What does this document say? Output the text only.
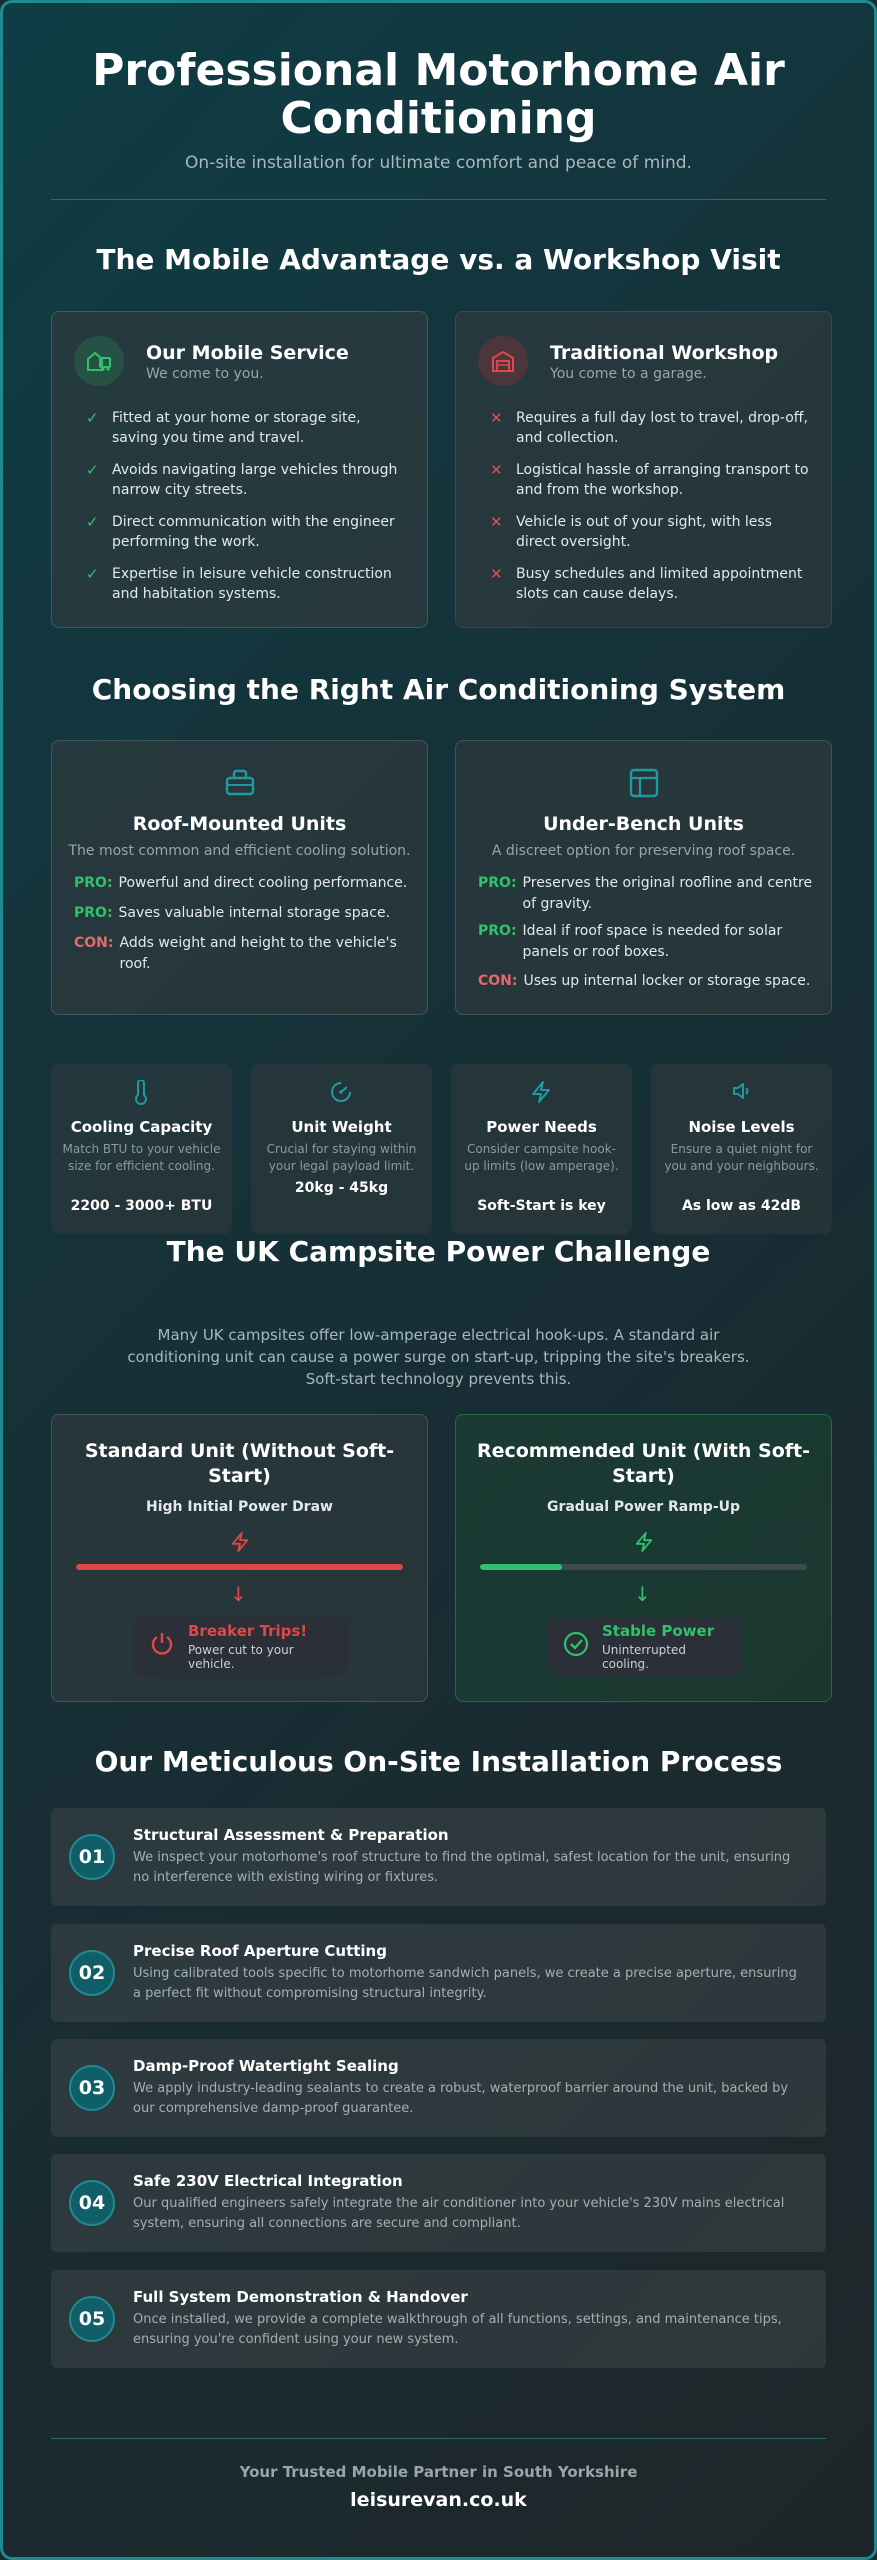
Professional Motorhome Air Conditioning
On-site installation for ultimate comfort and peace of mind.
The Mobile Advantage vs. a Workshop Visit
Our Mobile Service
We come to you.
✓ Fitted at your home or storage site, saving you time and travel.
✓ Avoids navigating large vehicles through narrow city streets.
✓ Direct communication with the engineer performing the work.
✓ Expertise in leisure vehicle construction and habitation systems.
Traditional Workshop
You come to a garage.
✕ Requires a full day lost to travel, drop-off, and collection.
✕ Logistical hassle of arranging transport to and from the workshop.
✕ Vehicle is out of your sight, with less direct oversight.
✕ Busy schedules and limited appointment slots can cause delays.
Choosing the Right Air Conditioning System
Roof-Mounted Units
The most common and efficient cooling solution.
PRO: Powerful and direct cooling performance.
PRO: Saves valuable internal storage space.
CON: Adds weight and height to the vehicle's roof.
Under-Bench Units
A discreet option for preserving roof space.
PRO: Preserves the original roofline and centre of gravity.
PRO: Ideal if roof space is needed for solar panels or roof boxes.
CON: Uses up internal locker or storage space.
Cooling Capacity
Match BTU to your vehicle size for efficient cooling.
2200 - 3000+ BTU
Unit Weight
Crucial for staying within your legal payload limit.
20kg - 45kg
Power Needs
Consider campsite hook-up limits (low amperage).
Soft-Start is key
Noise Levels
Ensure a quiet night for you and your neighbours.
As low as 42dB
The UK Campsite Power Challenge
Many UK campsites offer low-amperage electrical hook-ups. A standard air conditioning unit can cause a power surge on start-up, tripping the site's breakers. Soft-start technology prevents this.
Standard Unit (Without Soft-Start)
High Initial Power Draw
↓
Breaker Trips!
Power cut to your vehicle.
Recommended Unit (With Soft-Start)
Gradual Power Ramp-Up
↓
Stable Power
Uninterrupted cooling.
Our Meticulous On-Site Installation Process
01
Structural Assessment & Preparation
We inspect your motorhome's roof structure to find the optimal, safest location for the unit, ensuring no interference with existing wiring or fixtures.
02
Precise Roof Aperture Cutting
Using calibrated tools specific to motorhome sandwich panels, we create a precise aperture, ensuring a perfect fit without compromising structural integrity.
03
Damp-Proof Watertight Sealing
We apply industry-leading sealants to create a robust, waterproof barrier around the unit, backed by our comprehensive damp-proof guarantee.
04
Safe 230V Electrical Integration
Our qualified engineers safely integrate the air conditioner into your vehicle's 230V mains electrical system, ensuring all connections are secure and compliant.
05
Full System Demonstration & Handover
Once installed, we provide a complete walkthrough of all functions, settings, and maintenance tips, ensuring you're confident using your new system.
Your Trusted Mobile Partner in South Yorkshire
leisurevan.co.uk
